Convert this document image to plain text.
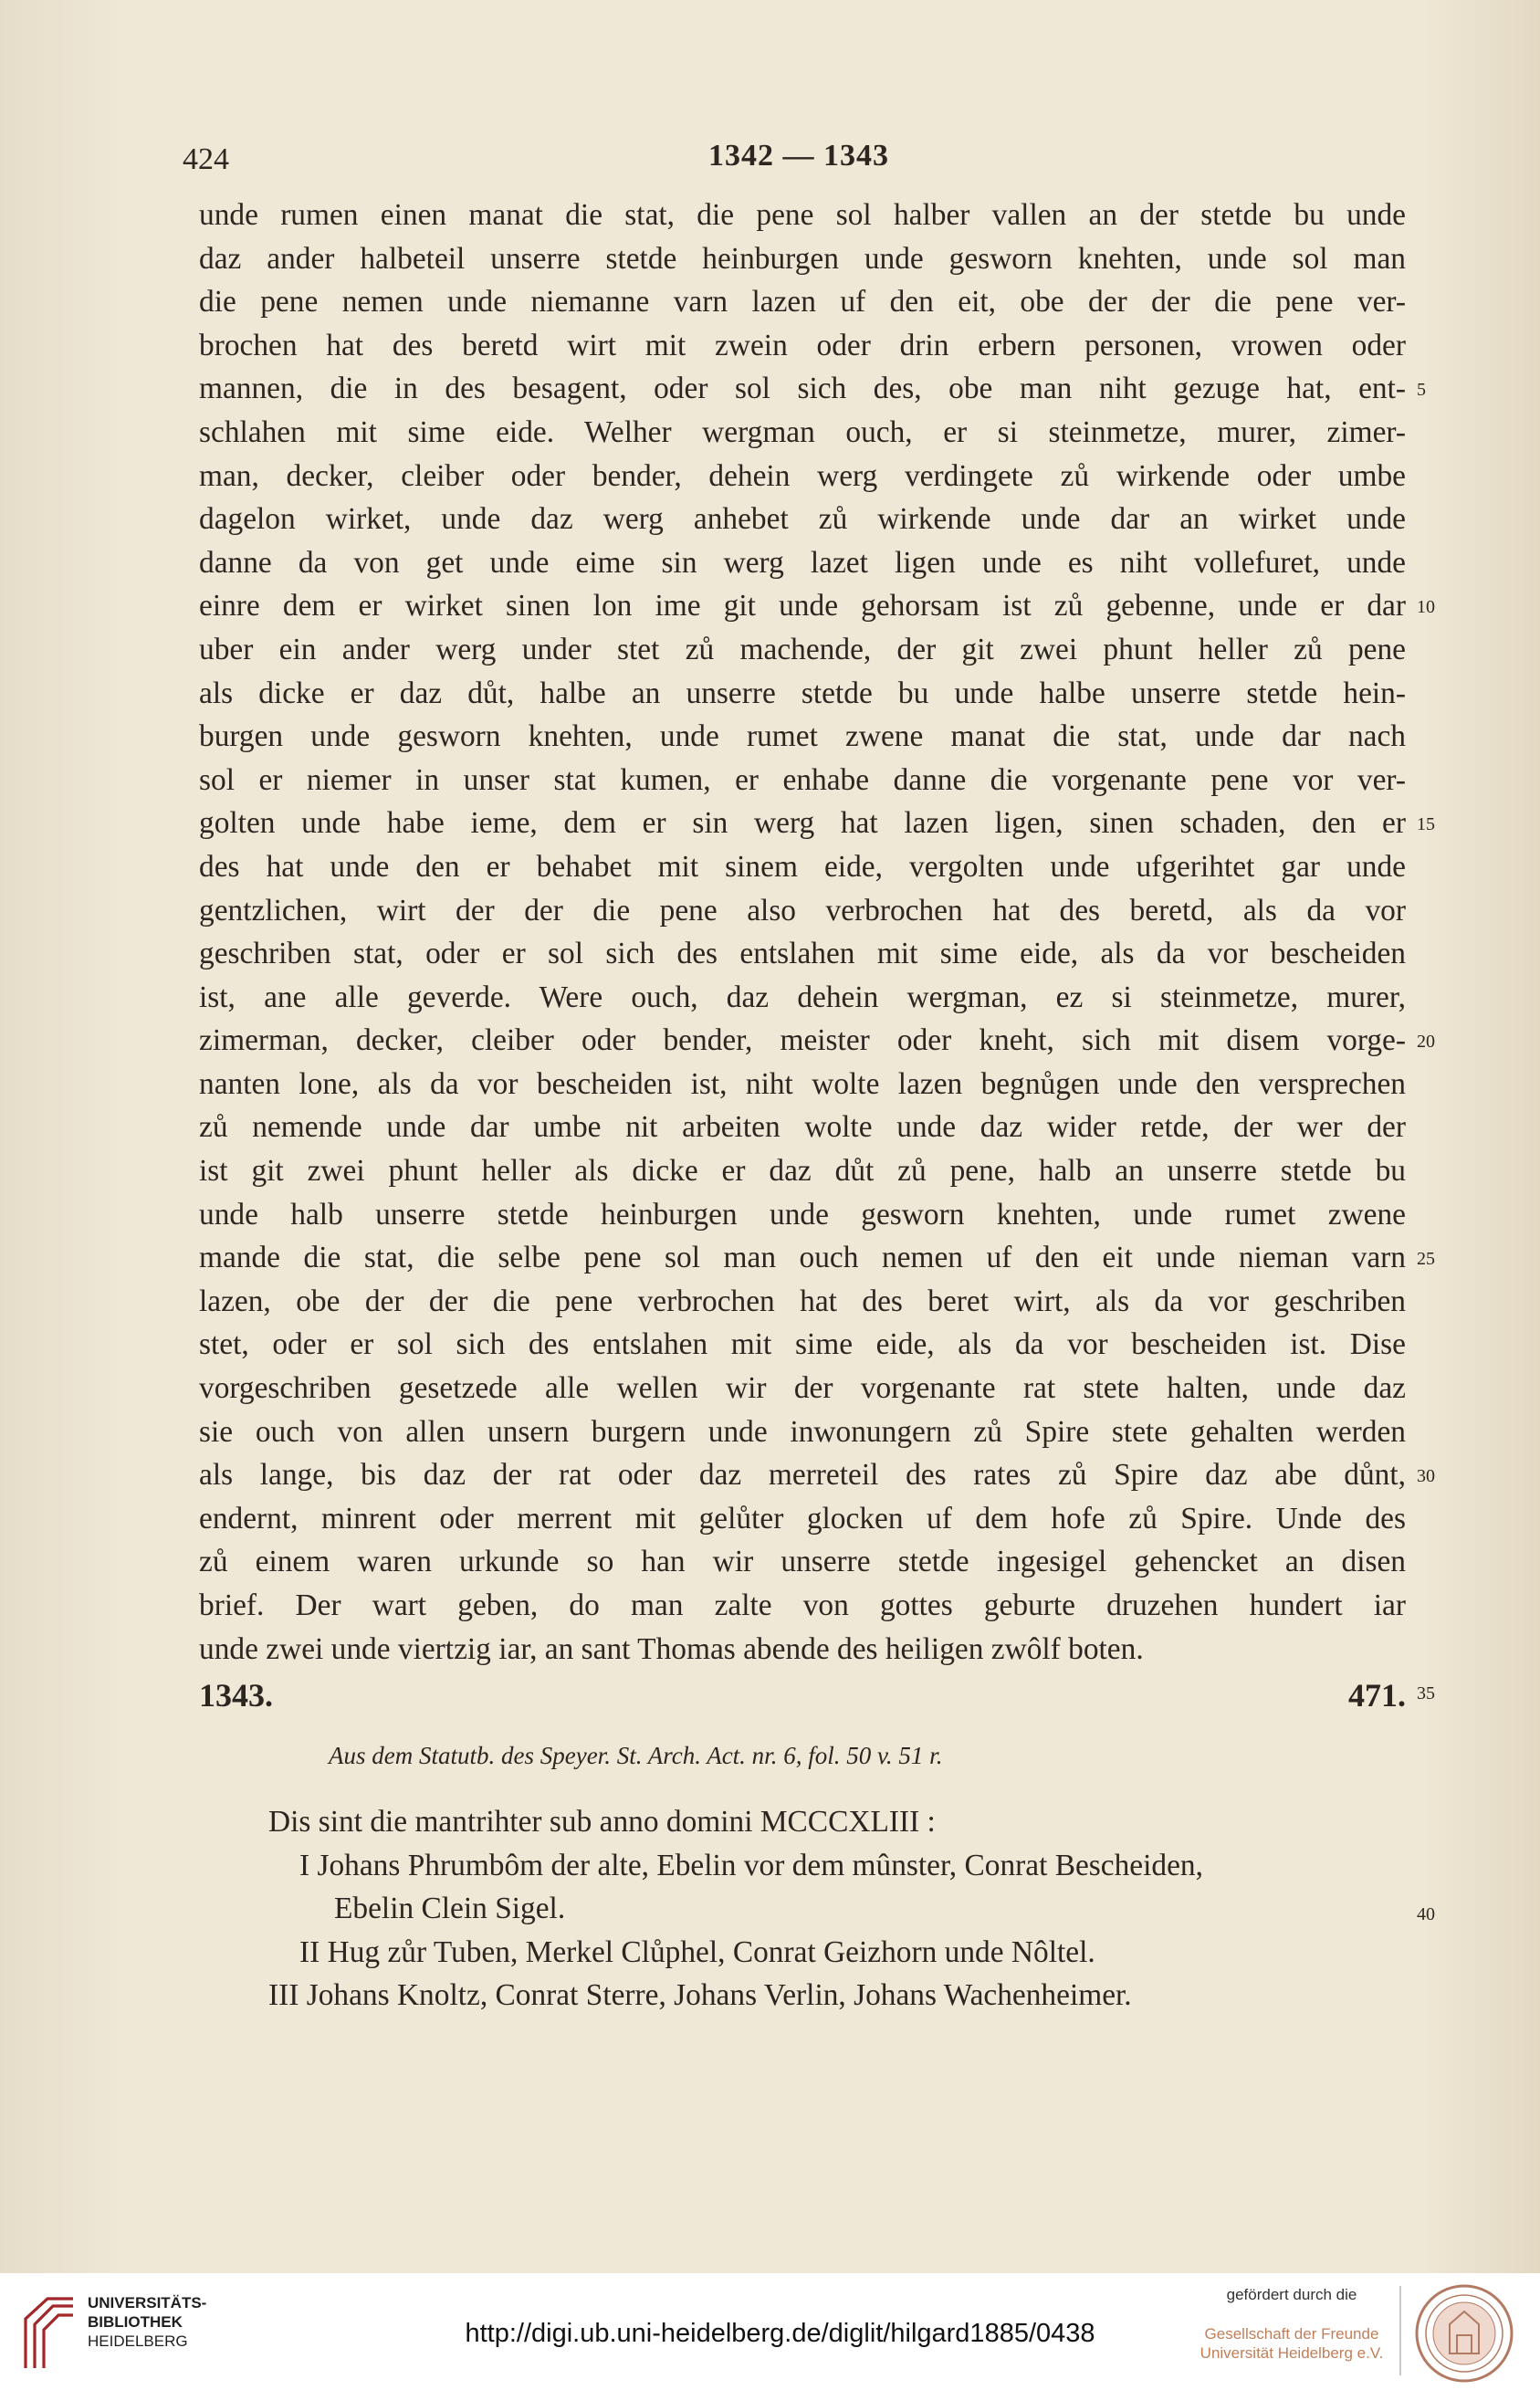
424	1342 — 1343
unde rumen einen manat die stat, die pene sol halber vallen an der stetde bu unde
daz ander halbeteil unserre stetde heinburgen unde gesworn knehten, unde sol man
die pene nemen unde niemanne varn lazen uf den eit, obe der der die pene ver-
brochen hat des beretd wirt mit zwein oder drin erbern personen, vrowen oder
mannen, die in des besagent, oder sol sich des, obe man niht gezuge hat, ent-
schlahen mit sime eide. Welher wergman ouch, er si steinmetze, murer, zimer-
man, decker, cleiber oder bender, dehein werg verdingete zů wirkende oder umbe
dagelon wirket, unde daz werg anhebet zů wirkende unde dar an wirket unde
danne da von get unde eime sin werg lazet ligen unde es niht vollefuret, unde
einre dem er wirket sinen lon ime git unde gehorsam ist zů gebenne, unde er dar
uber ein ander werg under stet zů machende, der git zwei phunt heller zů pene
als dicke er daz důt, halbe an unserre stetde bu unde halbe unserre stetde hein-
burgen unde gesworn knehten, unde rumet zwene manat die stat, unde dar nach
sol er niemer in unser stat kumen, er enhabe danne die vorgenante pene vor ver-
golten unde habe ieme, dem er sin werg hat lazen ligen, sinen schaden, den er
des hat unde den er behabet mit sinem eide, vergolten unde ufgerihtet gar unde
gentzlichen, wirt der der die pene also verbrochen hat des beretd, als da vor
geschriben stat, oder er sol sich des entslahen mit sime eide, als da vor bescheiden
ist, ane alle geverde. Were ouch, daz dehein wergman, ez si steinmetze, murer,
zimerman, decker, cleiber oder bender, meister oder kneht, sich mit disem vorge-
nanten lone, als da vor bescheiden ist, niht wolte lazen begnůgen unde den versprechen
zů nemende unde dar umbe nit arbeiten wolte unde daz wider retde, der wer der
ist git zwei phunt heller als dicke er daz důt zů pene, halb an unserre stetde bu
unde halb unserre stetde heinburgen unde gesworn knehten, unde rumet zwene
mande die stat, die selbe pene sol man ouch nemen uf den eit unde nieman varn
lazen, obe der der die pene verbrochen hat des beret wirt, als da vor geschriben
stet, oder er sol sich des entslahen mit sime eide, als da vor bescheiden ist. Dise
vorgeschriben gesetzede alle wellen wir der vorgenante rat stete halten, unde daz
sie ouch von allen unsern burgern unde inwonungern zů Spire stete gehalten werden
als lange, bis daz der rat oder daz merreteil des rates zů Spire daz abe důnt,
endernt, minrent oder merrent mit gelůter glocken uf dem hofe zů Spire. Unde des
zů einem waren urkunde so han wir unserre stetde ingesigel gehencket an disen
brief. Der wart geben, do man zalte von gottes geburte druzehen hundert iar
unde zwei unde viertzig iar, an sant Thomas abende des heiligen zwôlf boten.
5
10
15
20
25
30
35
40
1343.	471.
Aus dem Statutb. des Speyer. St. Arch. Act. nr. 6, fol. 50 v. 51 r.
Dis sint die mantrihter sub anno domini MCCCXLIII :
I Johans Phrumbôm der alte, Ebelin vor dem mûnster, Conrat Bescheiden,
Ebelin Clein Sigel.
II Hug zůr Tuben, Merkel Clůphel, Conrat Geizhorn unde Nôltel.
III Johans Knoltz, Conrat Sterre, Johans Verlin, Johans Wachenheimer.
UNIVERSITÄTS-
BIBLIOTHEK
HEIDELBERG	http://digi.ub.uni-heidelberg.de/diglit/hilgard1885/0438
gefördert durch die
Gesellschaft der Freunde
Universität Heidelberg e.V.
